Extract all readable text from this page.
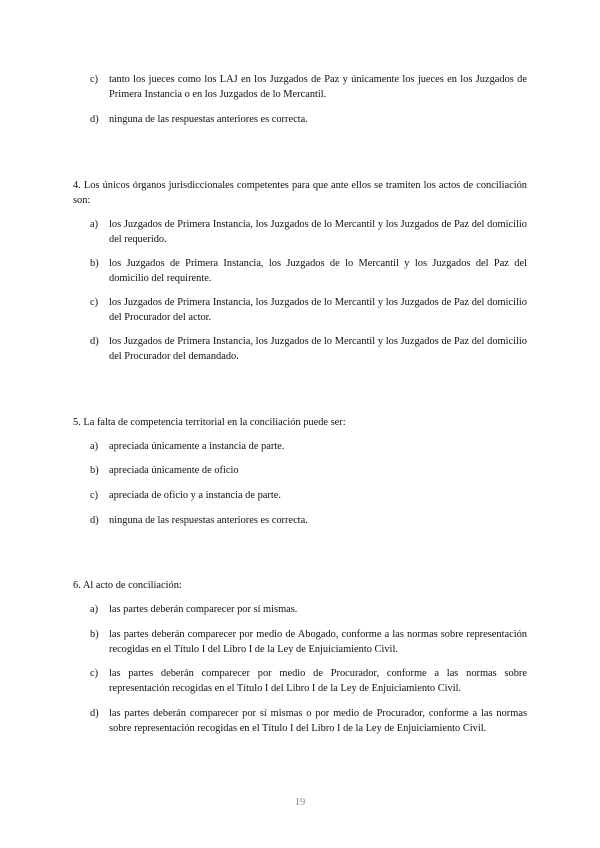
c) tanto los jueces como los LAJ en los Juzgados de Paz y únicamente los jueces en los Juzgados de Primera Instancia o en los Juzgados de lo Mercantil.
d) ninguna de las respuestas anteriores es correcta.
4. Los únicos órganos jurisdiccionales competentes para que ante ellos se tramiten los actos de conciliación son:
a) los Juzgados de Primera Instancia, los Juzgados de lo Mercantil y los Juzgados de Paz del domicilio del requerido.
b) los Juzgados de Primera Instancia, los Juzgados de lo Mercantil y los Juzgados del Paz del domicilio del requirente.
c) los Juzgados de Primera Instancia, los Juzgados de lo Mercantil y los Juzgados de Paz del domicilio del Procurador del actor.
d) los Juzgados de Primera Instancia, los Juzgados de lo Mercantil y los Juzgados de Paz del domicilio del Procurador del demandado.
5. La falta de competencia territorial en la conciliación puede ser:
a) apreciada únicamente a instancia de parte.
b) apreciada únicamente de oficio
c) apreciada de oficio y a instancia de parte.
d) ninguna de las respuestas anteriores es correcta.
6. Al acto de conciliación:
a) las partes deberán comparecer por sí mismas.
b) las partes deberán comparecer por medio de Abogado, conforme a las normas sobre representación recogidas en el Título I del Libro I de la Ley de Enjuiciamiento Civil.
c) las partes deberán comparecer por medio de Procurador, conforme a las normas sobre representación recogidas en el Título I del Libro I de la Ley de Enjuiciamiento Civil.
d) las partes deberán comparecer por sí mismas o por medio de Procurador, conforme a las normas sobre representación recogidas en el Título I del Libro I de la Ley de Enjuiciamiento Civil.
19
